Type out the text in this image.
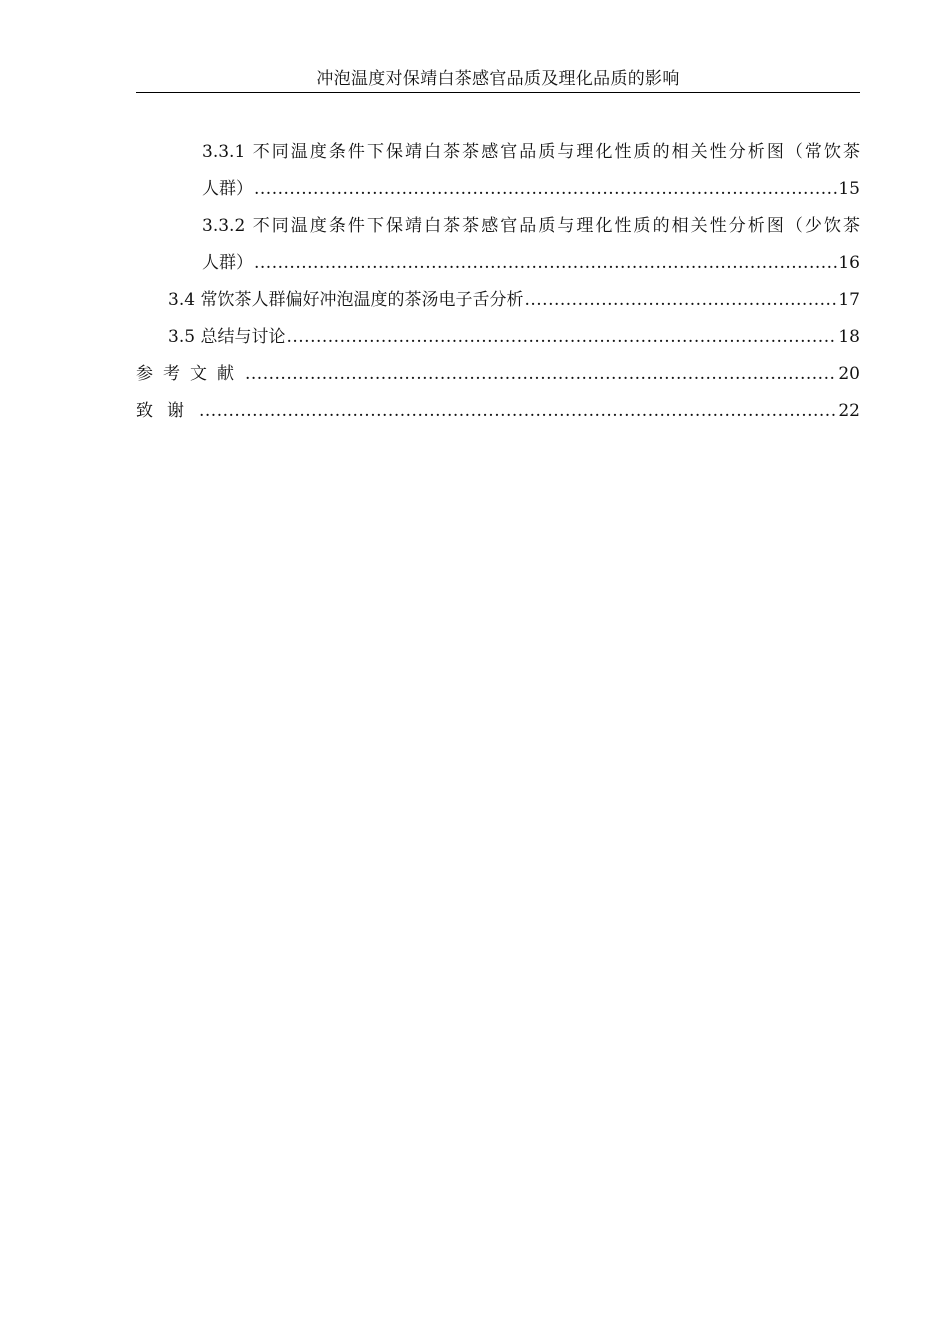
冲泡温度对保靖白茶感官品质及理化品质的影响
3.3.1 不同温度条件下保靖白茶茶感官品质与理化性质的相关性分析图（常饮茶
人群） .....	15
3.3.2 不同温度条件下保靖白茶茶感官品质与理化性质的相关性分析图（少饮茶
人群） .....	16
3.4 常饮茶人群偏好冲泡温度的茶汤电子舌分析 .....	17
3.5 总结与讨论 .....	18
参考文献 .....	20
致谢 .....	22
